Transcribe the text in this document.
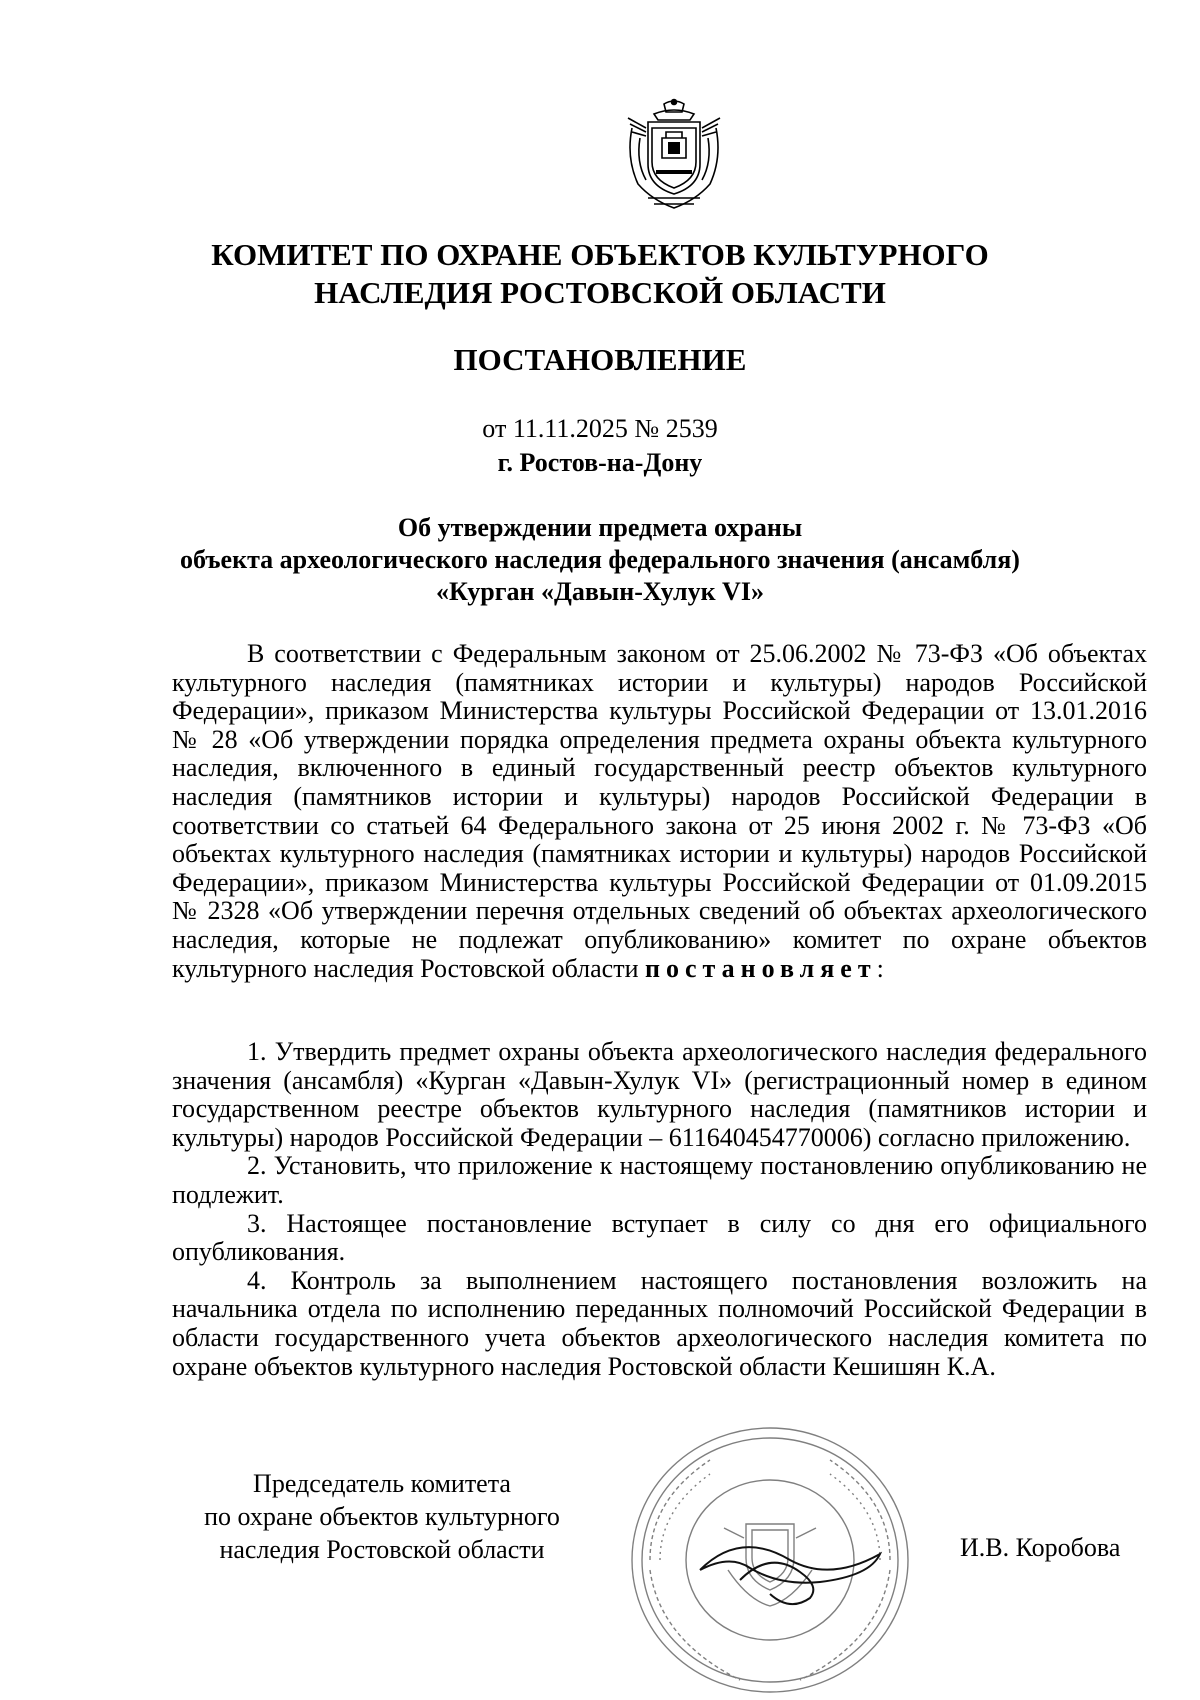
КОМИТЕТ ПО ОХРАНЕ ОБЪЕКТОВ КУЛЬТУРНОГО
НАСЛЕДИЯ РОСТОВСКОЙ ОБЛАСТИ
ПОСТАНОВЛЕНИЕ
от 11.11.2025 № 2539
г. Ростов-на-Дону
Об утверждении предмета охраны
объекта археологического наследия федерального значения (ансамбля)
«Курган «Давын-Хулук VI»
В соответствии с Федеральным законом от 25.06.2002 № 73-ФЗ «Об объектах культурного наследия (памятниках истории и культуры) народов Российской Федерации», приказом Министерства культуры Российской Федерации от 13.01.2016 № 28 «Об утверждении порядка определения предмета охраны объекта культурного наследия, включенного в единый государственный реестр объектов культурного наследия (памятников истории и культуры) народов Российской Федерации в соответствии со статьей 64 Федерального закона от 25 июня 2002 г. № 73-ФЗ «Об объектах культурного наследия (памятниках истории и культуры) народов Российской Федерации», приказом Министерства культуры Российской Федерации от 01.09.2015 № 2328 «Об утверждении перечня отдельных сведений об объектах археологического наследия, которые не подлежат опубликованию» комитет по охране объектов культурного наследия Ростовской области постановляет:

1. Утвердить предмет охраны объекта археологического наследия федерального значения (ансамбля) «Курган «Давын-Хулук VI» (регистрационный номер в едином государственном реестре объектов культурного наследия (памятников истории и культуры) народов Российской Федерации – 611640454770006) согласно приложению.

2. Установить, что приложение к настоящему постановлению опубликованию не подлежит.

3. Настоящее постановление вступает в силу со дня его официального опубликования.

4. Контроль за выполнением настоящего постановления возложить на начальника отдела по исполнению переданных полномочий Российской Федерации в области государственного учета объектов археологического наследия комитета по охране объектов культурного наследия Ростовской области Кешишян К.А.

Председатель комитета
по охране объектов культурного
наследия Ростовской области	И.В. Коробова
